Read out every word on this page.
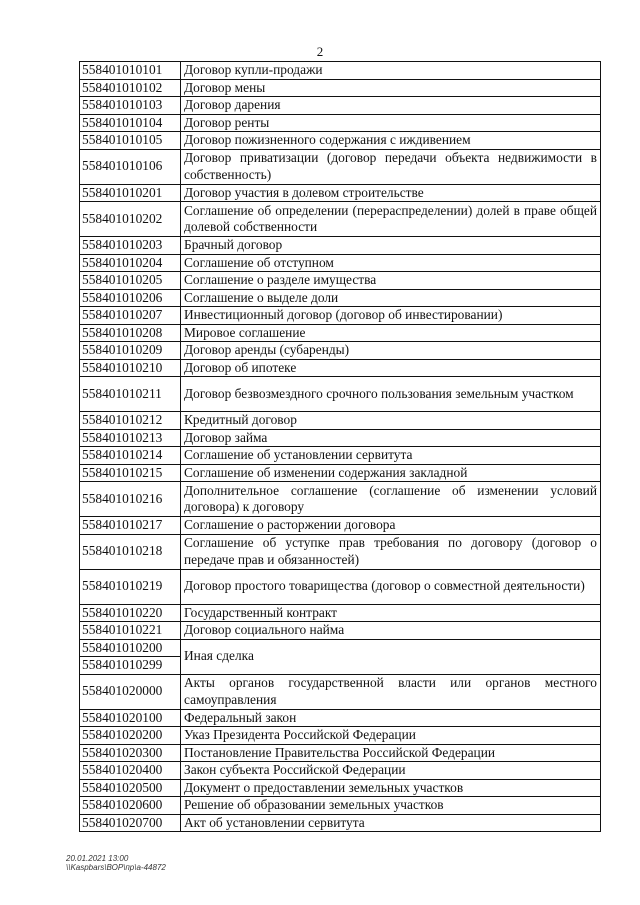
2
558401010101	Договор купли-продажи
558401010102	Договор мены
558401010103	Договор дарения
558401010104	Договор ренты
558401010105	Договор пожизненного содержания с иждивением
558401010106	Договор приватизации (договор передачи объекта недвижимости в собственность)
558401010201	Договор участия в долевом строительстве
558401010202	Соглашение об определении (перераспределении) долей в праве общей долевой собственности
558401010203	Брачный договор
558401010204	Соглашение об отступном
558401010205	Соглашение о разделе имущества
558401010206	Соглашение о выделе доли
558401010207	Инвестиционный договор (договор об инвестировании)
558401010208	Мировое соглашение
558401010209	Договор аренды (субаренды)
558401010210	Договор об ипотеке
558401010211	Договор безвозмездного срочного пользования земельным участком
558401010212	Кредитный договор
558401010213	Договор займа
558401010214	Соглашение об установлении сервитута
558401010215	Соглашение об изменении содержания закладной
558401010216	Дополнительное соглашение (соглашение об изменении условий договора) к договору
558401010217	Соглашение о расторжении договора
558401010218	Соглашение об уступке прав требования по договору (договор о передаче прав и обязанностей)
558401010219	Договор простого товарищества (договор о совместной деятельности)
558401010220	Государственный контракт
558401010221	Договор социального найма
558401010200	Иная сделка
558401010299	
558401020000	Акты органов государственной власти или органов местного самоуправления
558401020100	Федеральный закон
558401020200	Указ Президента Российской Федерации
558401020300	Постановление Правительства Российской Федерации
558401020400	Закон субъекта Российской Федерации
558401020500	Документ о предоставлении земельных участков
558401020600	Решение об образовании земельных участков
558401020700	Акт об установлении сервитута
20.01.2021 13:00
\\Kaspbars\ВОР\пр\а-44872
